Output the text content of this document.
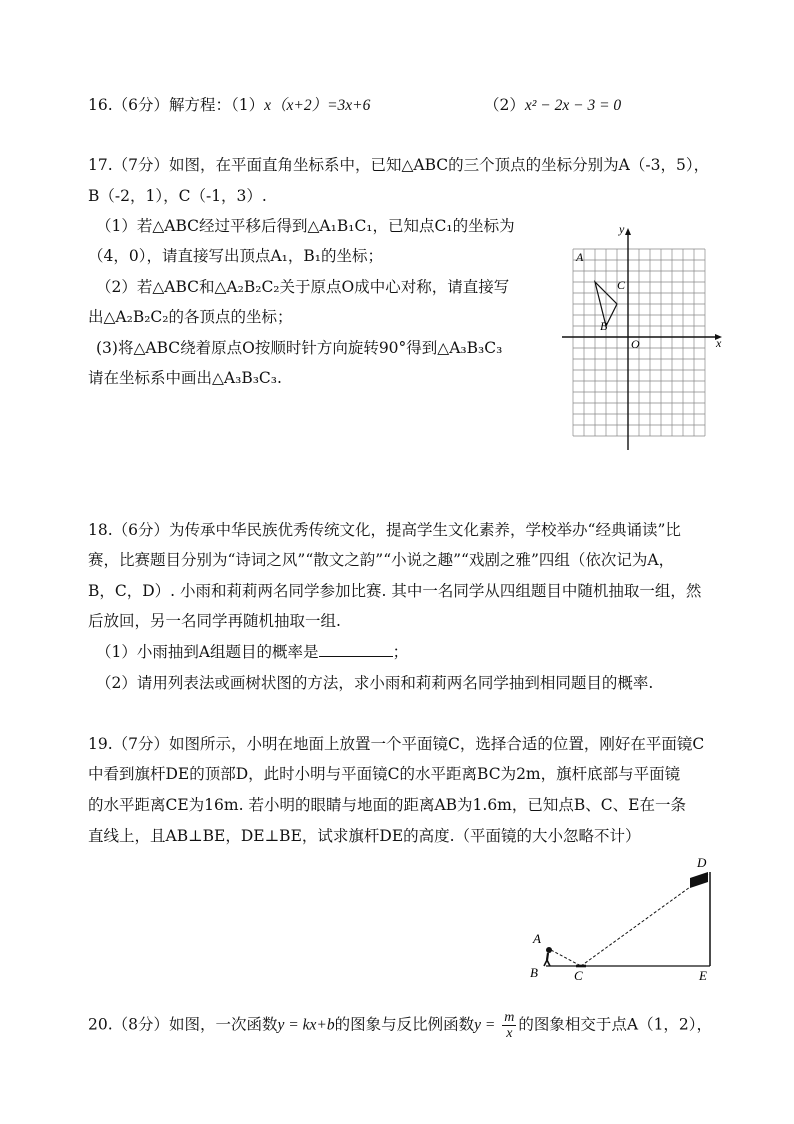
16.（6分）解方程：（1）x（x+2）=3x+6	（2）x² − 2x − 3 = 0
17.（7分）如图，在平面直角坐标系中，已知△ABC的三个顶点的坐标分别为A（-3，5），
B（-2，1），C（-1，3）.
（1）若△ABC经过平移后得到△A₁B₁C₁，已知点C₁的坐标为
（4，0），请直接写出顶点A₁，B₁的坐标；
（2）若△ABC和△A₂B₂C₂关于原点O成中心对称，请直接写
出△A₂B₂C₂的各顶点的坐标；
(3)将△ABC绕着原点O按顺时针方向旋转90°得到△A₃B₃C₃
请在坐标系中画出△A₃B₃C₃.
y
x
O
A
B
C
18.（6分）为传承中华民族优秀传统文化，提高学生文化素养，学校举办“经典诵读”比
赛，比赛题目分别为“诗词之风”“散文之韵”“小说之趣”“戏剧之雅”四组（依次记为A，
B，C，D）. 小雨和莉莉两名同学参加比赛. 其中一名同学从四组题目中随机抽取一组，然
后放回，另一名同学再随机抽取一组.
（1）小雨抽到A组题目的概率是	；
（2）请用列表法或画树状图的方法，求小雨和莉莉两名同学抽到相同题目的概率.
19.（7分）如图所示，小明在地面上放置一个平面镜C，选择合适的位置，刚好在平面镜C
中看到旗杆DE的顶部D，此时小明与平面镜C的水平距离BC为2m，旗杆底部与平面镜
的水平距离CE为16m. 若小明的眼睛与地面的距离AB为1.6m，已知点B、C、E在一条
直线上，且AB⊥BE，DE⊥BE，试求旗杆DE的高度.（平面镜的大小忽略不计）
A
B	C
D
E
20.（8分）如图，一次函数y = kx+b的图象与反比例函数$y = \frac{m}{x}$ 的图象相交于点A（1，2），
